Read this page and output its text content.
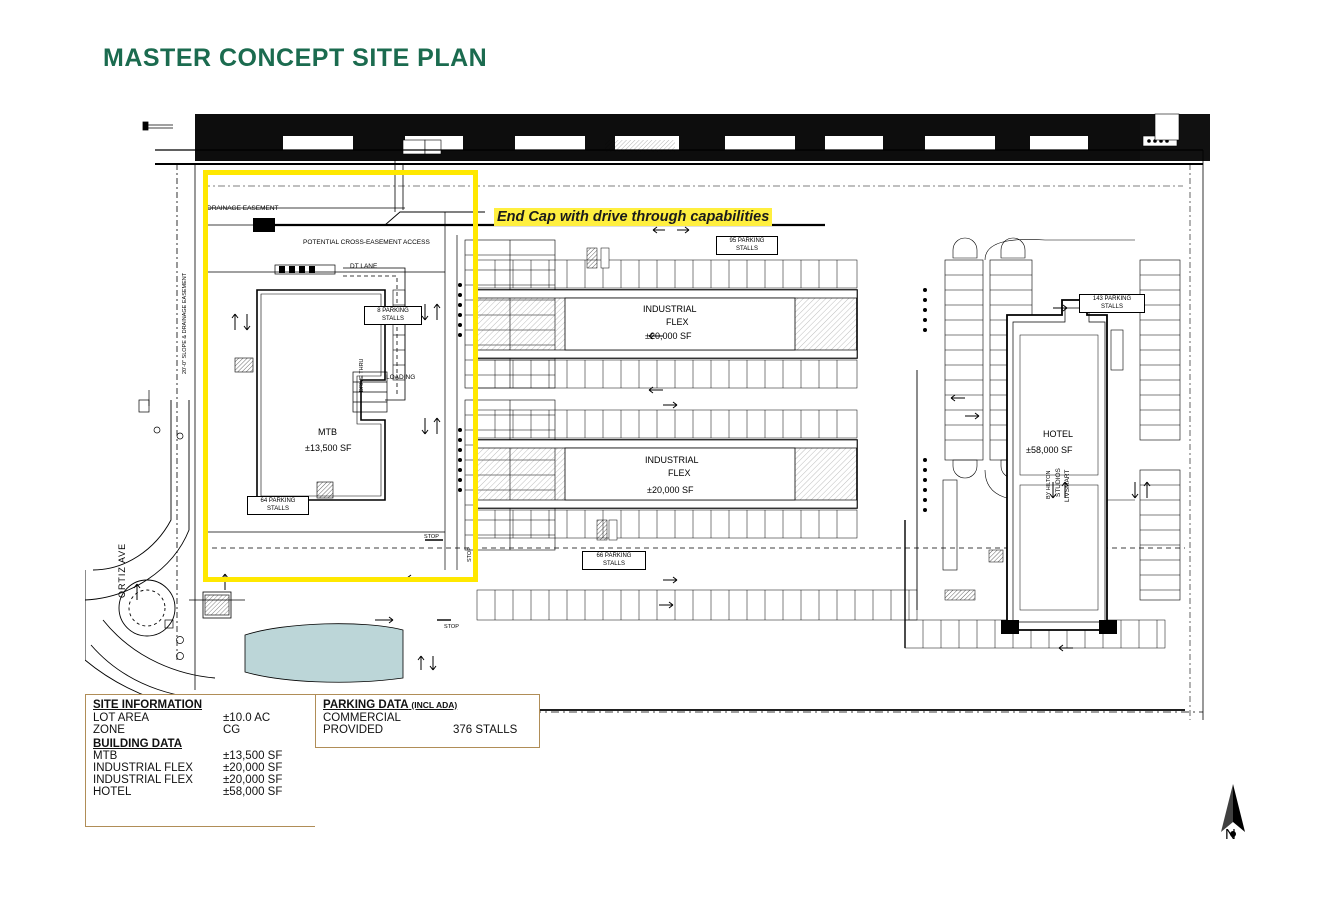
MASTER CONCEPT SITE PLAN
DRAINAGE EASEMENT
POTENTIAL CROSS-EASEMENT ACCESS
DT LANE
LOADING
DRIVE THRU
20'-0" SLOPE & DRAINAGE EASEMENT
ORTIZ AVE
STOP
STOP
STOP
MTB
±13,500 SF
INDUSTRIAL
FLEX
±20,000 SF
INDUSTRIAL
FLEX
±20,000 SF
HOTEL
±58,000 SF
LIVSMART
STUDIOS
BY HILTON
8 PARKING
STALLS
64 PARKING
STALLS
95 PARKING
STALLS
66 PARKING
STALLS
143 PARKING
STALLS
End Cap with drive through capabilities
SITE INFORMATION
LOT AREA	±10.0 AC
ZONE	CG
BUILDING DATA
MTB	±13,500 SF
INDUSTRIAL FLEX	±20,000 SF
INDUSTRIAL FLEX	±20,000 SF
HOTEL	±58,000 SF
PARKING DATA (INCL ADA)
COMMERCIAL
PROVIDED	376 STALLS
N
